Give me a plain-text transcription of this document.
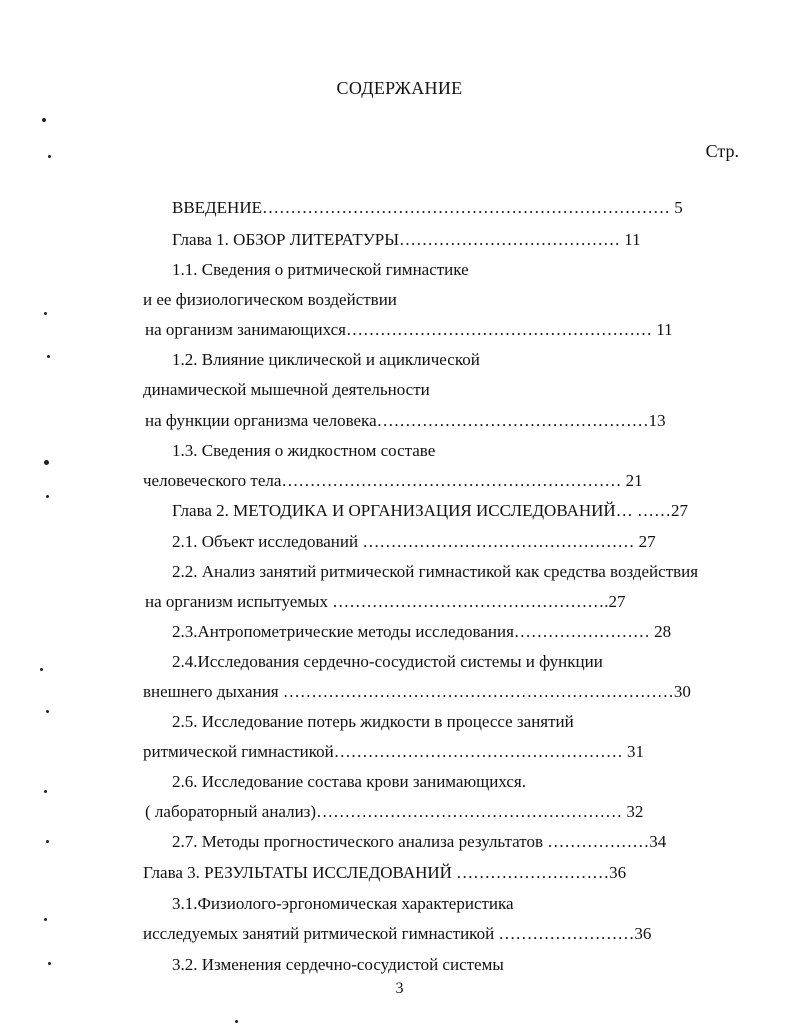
СОДЕРЖАНИЕ
Стр.
ВВЕДЕНИЕ……………………………………………………………… 5
Глава 1. ОБЗОР ЛИТЕРАТУРЫ………………………………… 11
1.1. Сведения о ритмической гимнастике
и ее физиологическом воздействии
на организм занимающихся……………………………………………… 11
1.2. Влияние циклической и ациклической
динамической мышечной деятельности
на функции организма человека…………………………………………13
1.3. Сведения о жидкостном составе
человеческого тела…………………………………………………… 21
Глава 2. МЕТОДИКА И ОРГАНИЗАЦИЯ ИССЛЕДОВАНИЙ… ……27
2.1. Объект исследований ………………………………………… 27
2.2. Анализ занятий ритмической гимнастикой как средства воздействия
на организм испытуемых ………………………………………….27
2.3.Антропометрические методы исследования…………………… 28
2.4.Исследования сердечно-сосудистой системы и функции
внешнего дыхания ……………………………………………………………30
2.5. Исследование потерь жидкости в процессе занятий
ритмической гимнастикой…………………………………………… 31
2.6. Исследование состава крови занимающихся.
( лабораторный анализ)……………………………………………… 32
2.7. Методы прогностического анализа результатов ………………34
Глава 3. РЕЗУЛЬТАТЫ ИССЛЕДОВАНИЙ ………………………36
3.1.Физиолого-эргономическая характеристика
исследуемых занятий ритмической гимнастикой ……………………36
3.2. Изменения сердечно-сосудистой системы
3
